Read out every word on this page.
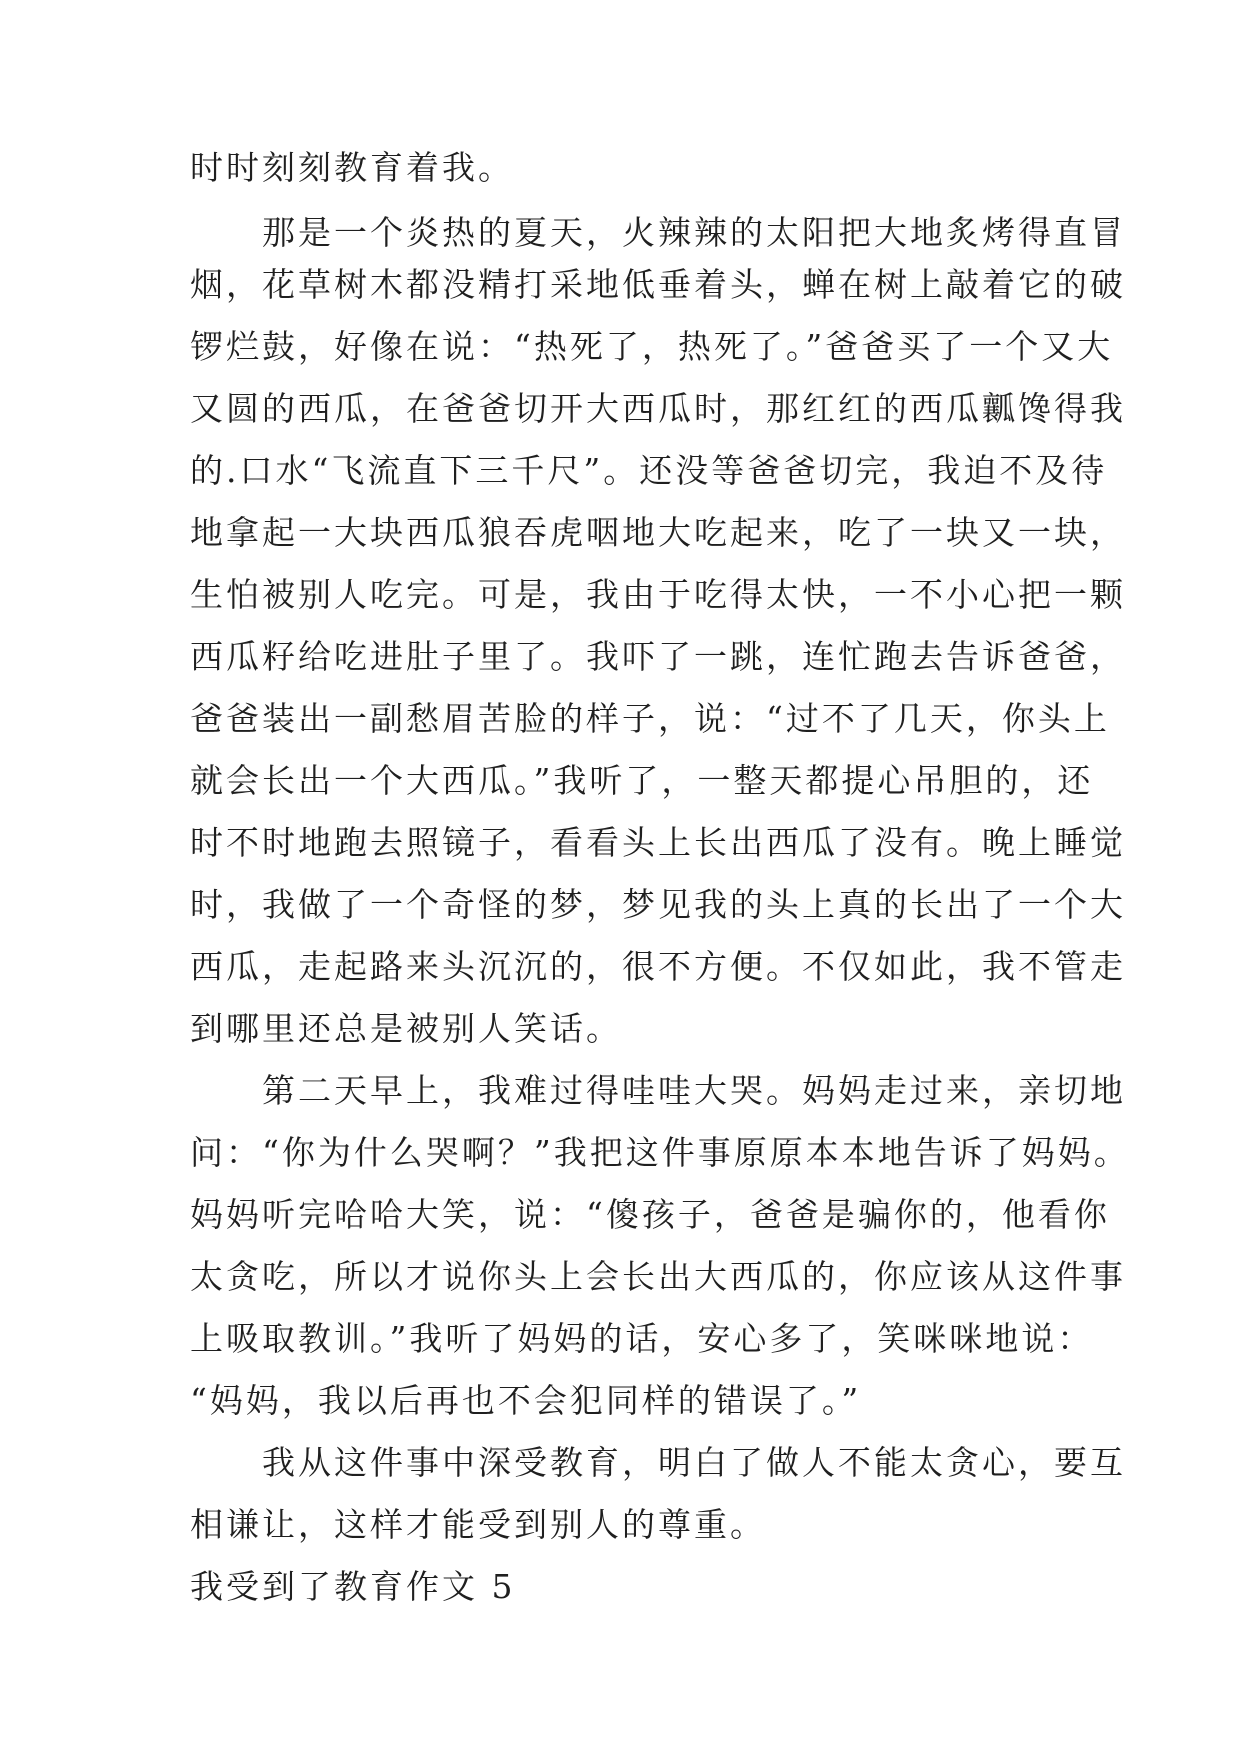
时时刻刻教育着我。

　　那是一个炎热的夏天，火辣辣的太阳把大地炙烤得直冒

烟，花草树木都没精打采地低垂着头，蝉在树上敲着它的破

锣烂鼓，好像在说：“热死了，热死了。”爸爸买了一个又大

又圆的西瓜，在爸爸切开大西瓜时，那红红的西瓜瓤馋得我

的.口水“飞流直下三千尺”。还没等爸爸切完，我迫不及待

地拿起一大块西瓜狼吞虎咽地大吃起来，吃了一块又一块，

生怕被别人吃完。可是，我由于吃得太快，一不小心把一颗

西瓜籽给吃进肚子里了。我吓了一跳，连忙跑去告诉爸爸，

爸爸装出一副愁眉苦脸的样子，说：“过不了几天，你头上

就会长出一个大西瓜。”我听了，一整天都提心吊胆的，还

时不时地跑去照镜子，看看头上长出西瓜了没有。晚上睡觉

时，我做了一个奇怪的梦，梦见我的头上真的长出了一个大

西瓜，走起路来头沉沉的，很不方便。不仅如此，我不管走

到哪里还总是被别人笑话。

　　第二天早上，我难过得哇哇大哭。妈妈走过来，亲切地

问：“你为什么哭啊？”我把这件事原原本本地告诉了妈妈。

妈妈听完哈哈大笑，说：“傻孩子，爸爸是骗你的，他看你

太贪吃，所以才说你头上会长出大西瓜的，你应该从这件事

上吸取教训。”我听了妈妈的话，安心多了，笑咪咪地说：

“妈妈，我以后再也不会犯同样的错误了。”

　　我从这件事中深受教育，明白了做人不能太贪心，要互

相谦让，这样才能受到别人的尊重。

我受到了教育作文 5
